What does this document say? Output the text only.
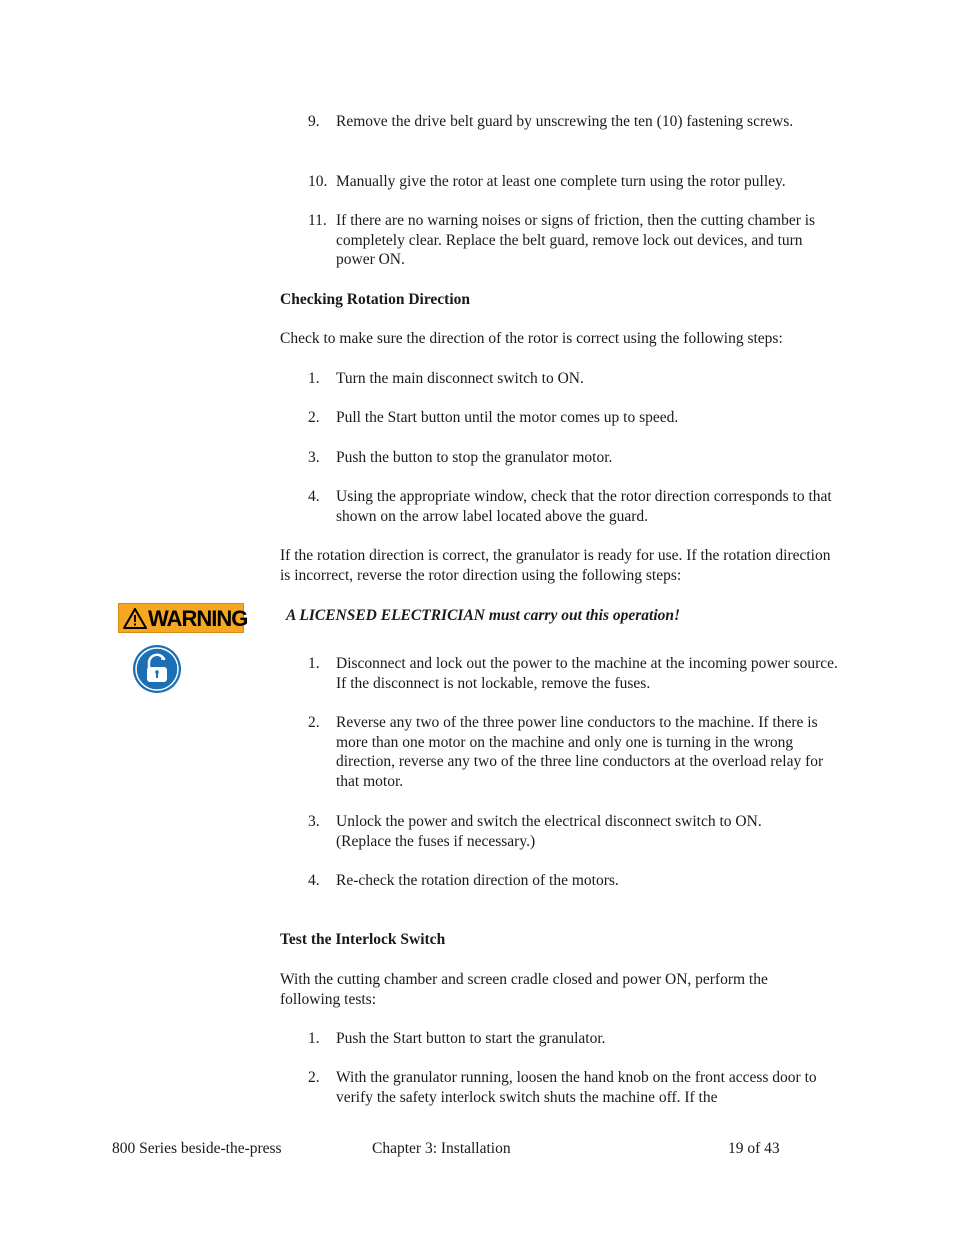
9. Remove the drive belt guard by unscrewing the ten (10) fastening screws.
10. Manually give the rotor at least one complete turn using the rotor pulley.
11. If there are no warning noises or signs of friction, then the cutting chamber is completely clear. Replace the belt guard, remove lock out devices, and turn power ON.
Checking Rotation Direction
Check to make sure the direction of the rotor is correct using the following steps:
1. Turn the main disconnect switch to ON.
2. Pull the Start button until the motor comes up to speed.
3. Push the button to stop the granulator motor.
4. Using the appropriate window, check that the rotor direction corresponds to that shown on the arrow label located above the guard.
If the rotation direction is correct, the granulator is ready for use. If the rotation direction is incorrect, reverse the rotor direction using the following steps:
WARNING A LICENSED ELECTRICIAN must carry out this operation!
1. Disconnect and lock out the power to the machine at the incoming power source. If the disconnect is not lockable, remove the fuses.
2. Reverse any two of the three power line conductors to the machine. If there is more than one motor on the machine and only one is turning in the wrong direction, reverse any two of the three line conductors at the overload relay for that motor.
3. Unlock the power and switch the electrical disconnect switch to ON. (Replace the fuses if necessary.)
4. Re-check the rotation direction of the motors.
Test the Interlock Switch
With the cutting chamber and screen cradle closed and power ON, perform the following tests:
1. Push the Start button to start the granulator.
2. With the granulator running, loosen the hand knob on the front access door to verify the safety interlock switch shuts the machine off. If the
800 Series beside-the-press	Chapter 3: Installation	19 of 43
